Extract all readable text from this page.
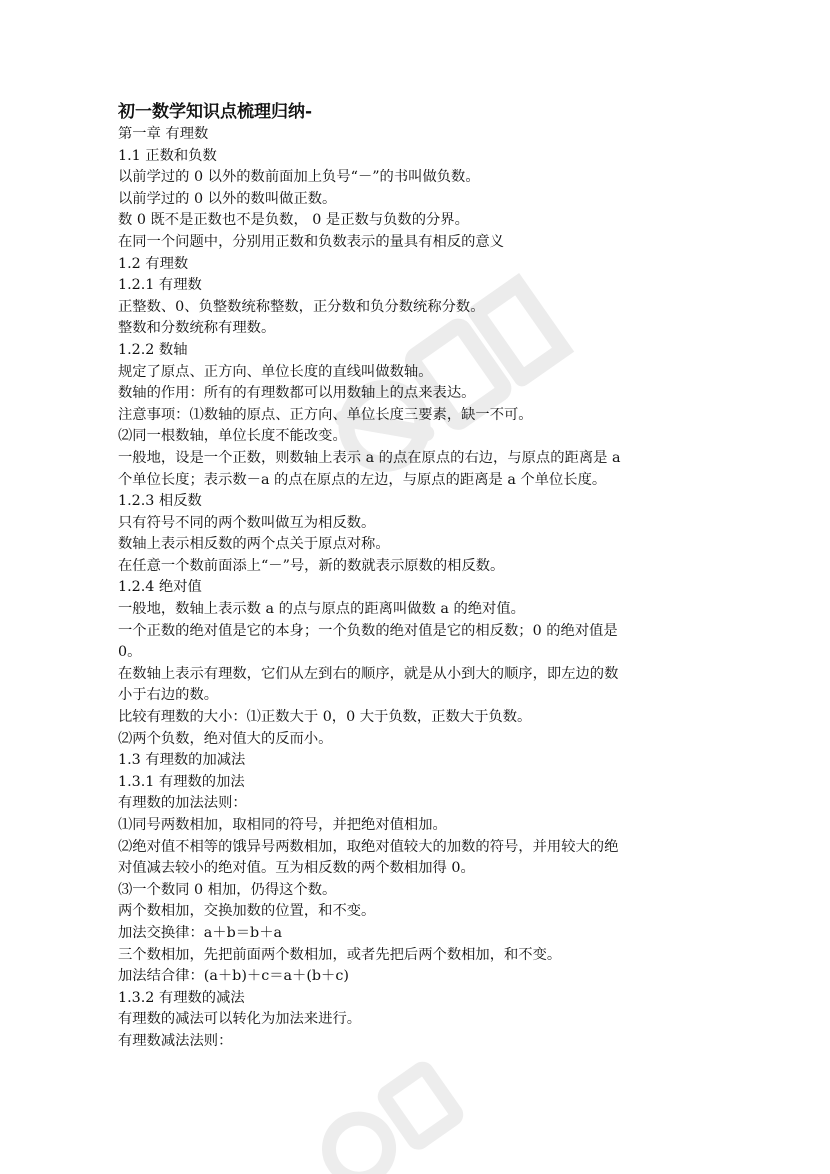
初一数学知识点梳理归纳-
第一章 有理数
1.1 正数和负数
以前学过的 0 以外的数前面加上负号“－”的书叫做负数。
以前学过的 0 以外的数叫做正数。
数 0 既不是正数也不是负数， 0 是正数与负数的分界。
在同一个问题中，分别用正数和负数表示的量具有相反的意义
1.2 有理数
1.2.1 有理数
正整数、0、负整数统称整数，正分数和负分数统称分数。
整数和分数统称有理数。
1.2.2 数轴
规定了原点、正方向、单位长度的直线叫做数轴。
数轴的作用：所有的有理数都可以用数轴上的点来表达。
注意事项：⑴数轴的原点、正方向、单位长度三要素，缺一不可。
⑵同一根数轴，单位长度不能改变。
一般地，设是一个正数，则数轴上表示 a 的点在原点的右边，与原点的距离是 a
个单位长度；表示数－a 的点在原点的左边，与原点的距离是 a 个单位长度。
1.2.3 相反数
只有符号不同的两个数叫做互为相反数。
数轴上表示相反数的两个点关于原点对称。
在任意一个数前面添上“－”号，新的数就表示原数的相反数。
1.2.4 绝对值
一般地，数轴上表示数 a 的点与原点的距离叫做数 a 的绝对值。
一个正数的绝对值是它的本身；一个负数的绝对值是它的相反数；0 的绝对值是
0。
在数轴上表示有理数，它们从左到右的顺序，就是从小到大的顺序，即左边的数
小于右边的数。
比较有理数的大小：⑴正数大于 0，0 大于负数，正数大于负数。
⑵两个负数，绝对值大的反而小。
1.3 有理数的加减法
1.3.1 有理数的加法
有理数的加法法则：
⑴同号两数相加，取相同的符号，并把绝对值相加。
⑵绝对值不相等的饿异号两数相加，取绝对值较大的加数的符号，并用较大的绝
对值减去较小的绝对值。互为相反数的两个数相加得 0。
⑶一个数同 0 相加，仍得这个数。
两个数相加，交换加数的位置，和不变。
加法交换律：a＋b＝b＋a
三个数相加，先把前面两个数相加，或者先把后两个数相加，和不变。
加法结合律：(a＋b)＋c＝a＋(b＋c)
1.3.2 有理数的减法
有理数的减法可以转化为加法来进行。
有理数减法法则：
